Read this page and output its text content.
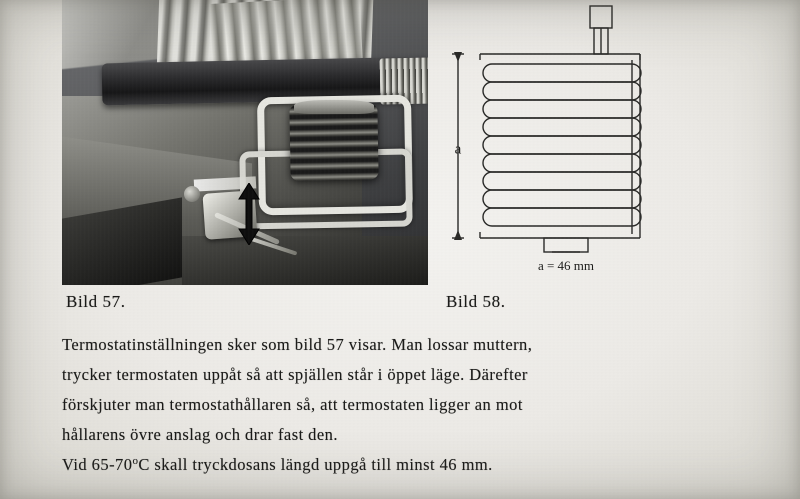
a
a = 46 mm
Bild 57.	Bild 58.

Termostatinställningen sker som bild 57 visar. Man lossar muttern,

trycker termostaten uppåt så att spjällen står i öppet läge. Därefter

förskjuter man termostathållaren så, att termostaten ligger an mot

hållarens övre anslag och drar fast den.

Vid 65-70$^o$C skall tryckdosans längd uppgå till minst 46 mm.
